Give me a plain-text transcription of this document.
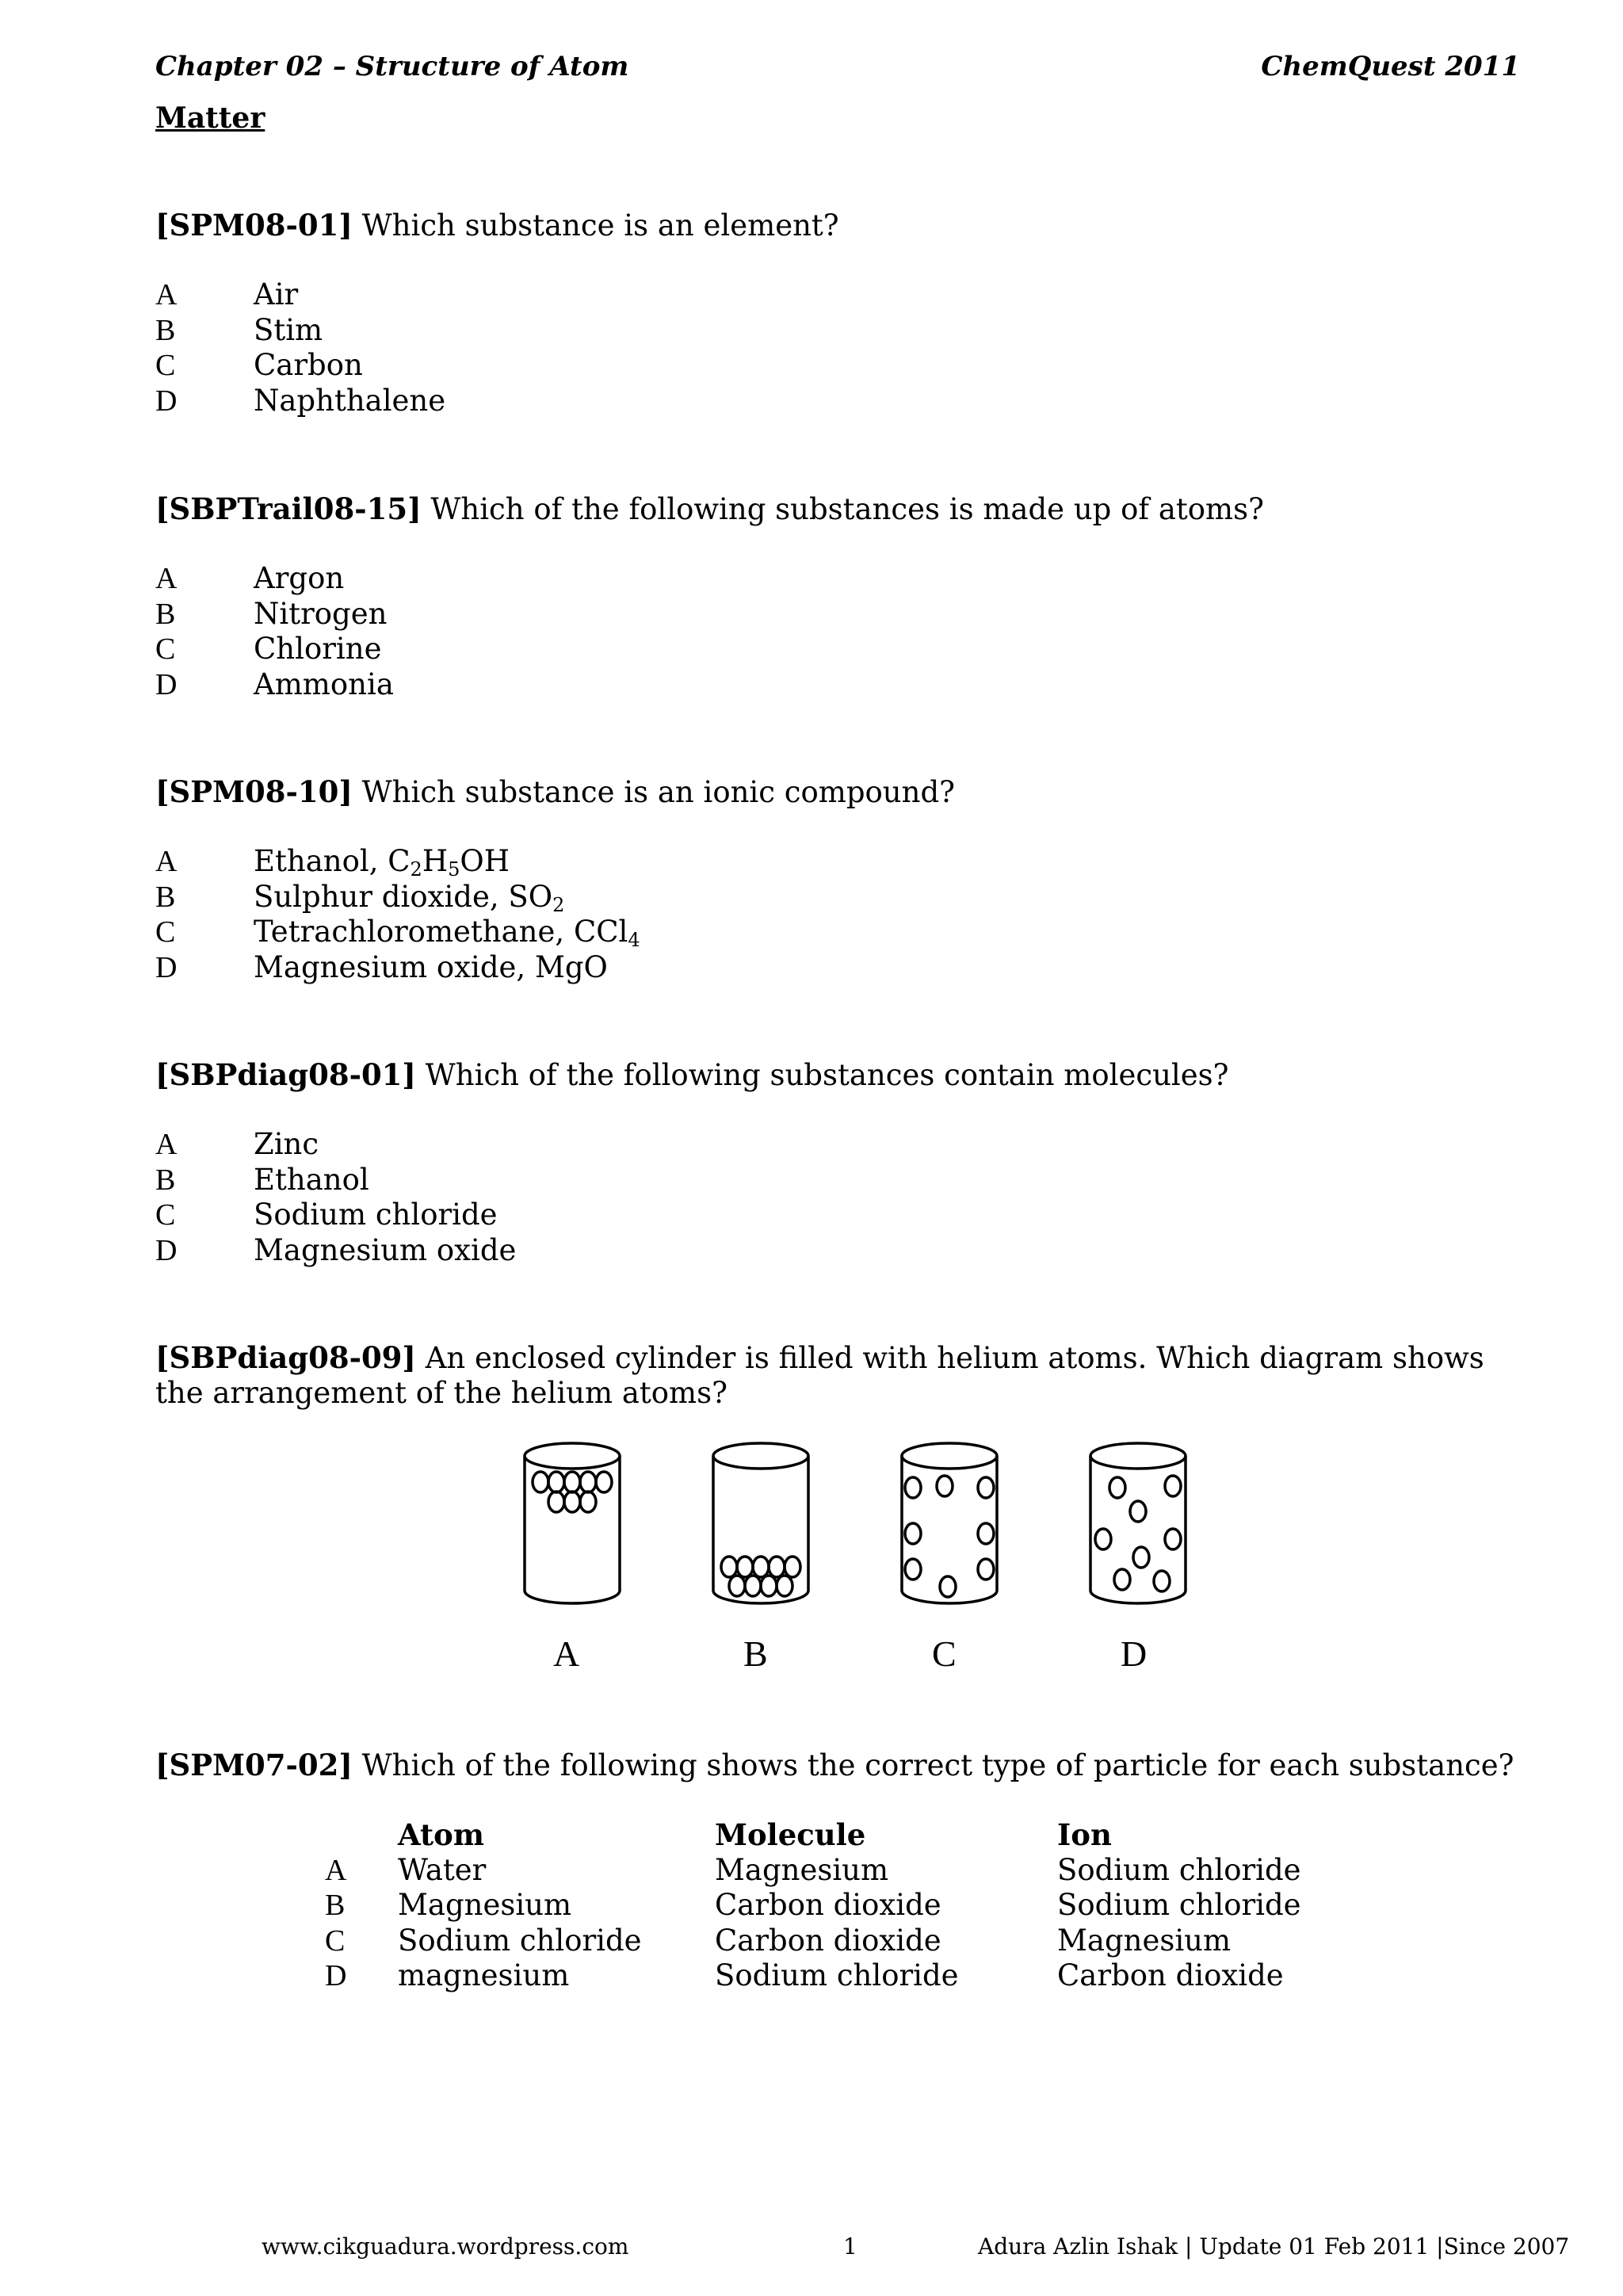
Chapter 02 – Structure of Atom	ChemQuest 2011
Matter
[SPM08-01] Which substance is an element?
A	Air
B	Stim
C	Carbon
D	Naphthalene
[SBPTrail08-15] Which of the following substances is made up of atoms?
A	Argon
B	Nitrogen
C	Chlorine
D	Ammonia
[SPM08-10] Which substance is an ionic compound?
A	Ethanol, $C_2H_5OH$
B	Sulphur dioxide, $SO_2$
C	Tetrachloromethane, CCl$_4$
D	Magnesium oxide, MgO
[SBPdiag08-01] Which of the following substances contain molecules?
A	Zinc
B	Ethanol
C	Sodium chloride
D	Magnesium oxide
[SBPdiag08-09] An enclosed cylinder is filled with helium atoms. Which diagram shows the arrangement of the helium atoms?
A	B	C	D
[SPM07-02] Which of the following shows the correct type of particle for each substance?
	Atom	Molecule	Ion
A	Water	Magnesium	Sodium chloride
B	Magnesium	Carbon dioxide	Sodium chloride
C	Sodium chloride	Carbon dioxide	Magnesium
D	magnesium	Sodium chloride	Carbon dioxide
www.cikguadura.wordpress.com	1	Adura Azlin Ishak | Update 01 Feb 2011 |Since 2007
